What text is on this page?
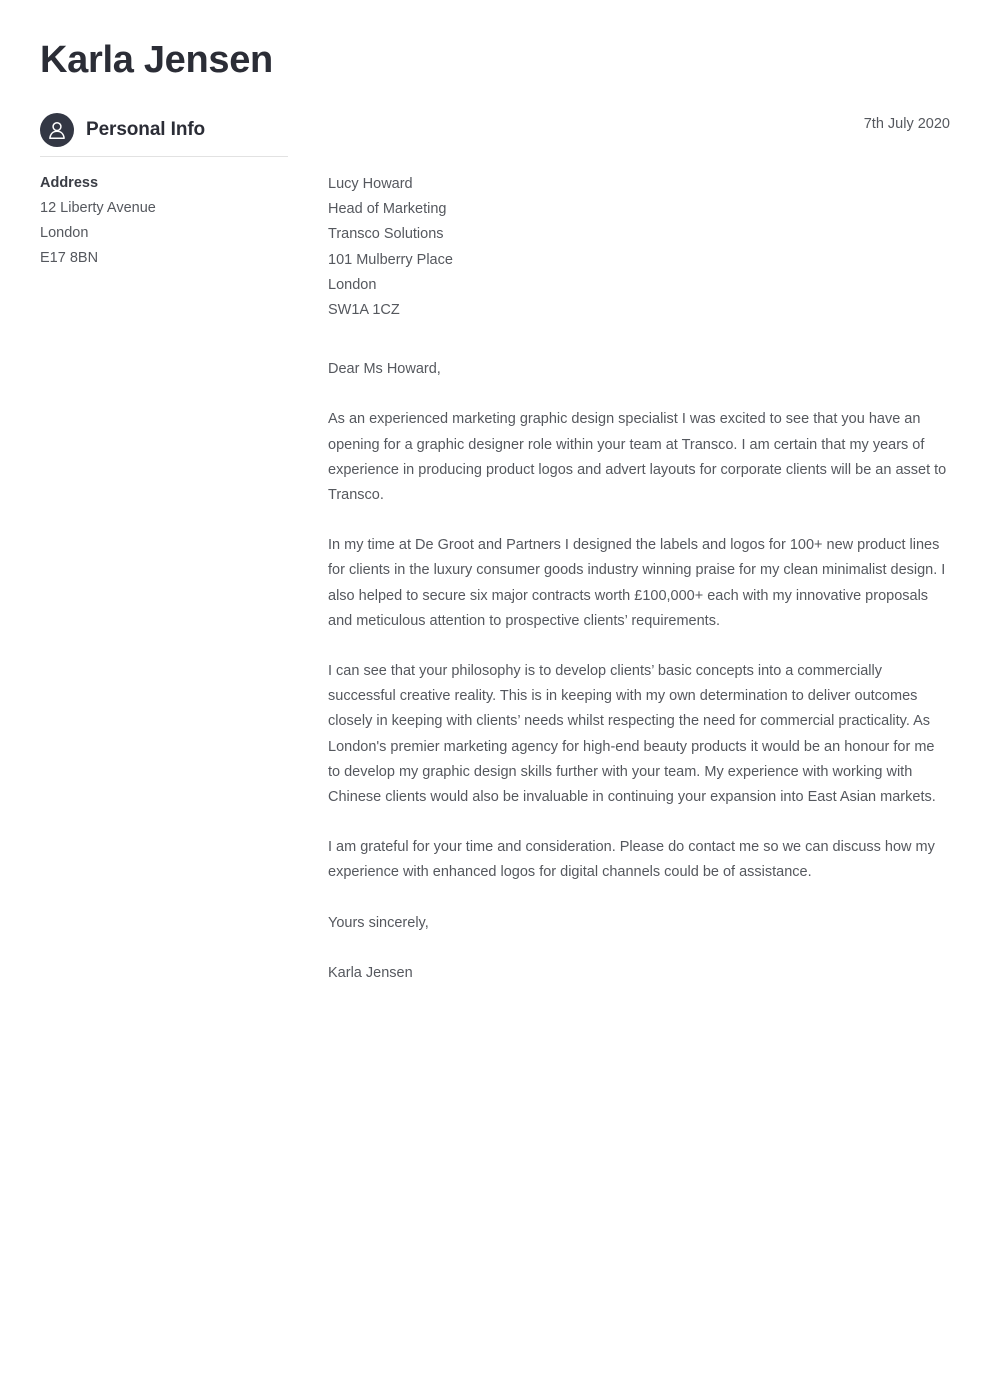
Karla Jensen
Personal Info
Address
12 Liberty Avenue
London
E17 8BN
7th July 2020
Lucy Howard
Head of Marketing
Transco Solutions
101 Mulberry Place
London
SW1A 1CZ
Dear Ms Howard,

As an experienced marketing graphic design specialist I was excited to see that you have an opening for a graphic designer role within your team at Transco. I am certain that my years of experience in producing product logos and advert layouts for corporate clients will be an asset to Transco.

In my time at De Groot and Partners I designed the labels and logos for 100+ new product lines for clients in the luxury consumer goods industry winning praise for my clean minimalist design. I also helped to secure six major contracts worth £100,000+ each with my innovative proposals and meticulous attention to prospective clients’ requirements.

I can see that your philosophy is to develop clients’ basic concepts into a commercially successful creative reality. This is in keeping with my own determination to deliver outcomes closely in keeping with clients’ needs whilst respecting the need for commercial practicality. As London's premier marketing agency for high-end beauty products it would be an honour for me to develop my graphic design skills further with your team. My experience with working with Chinese clients would also be invaluable in continuing your expansion into East Asian markets.

I am grateful for your time and consideration. Please do contact me so we can discuss how my experience with enhanced logos for digital channels could be of assistance.

Yours sincerely,
Karla Jensen
